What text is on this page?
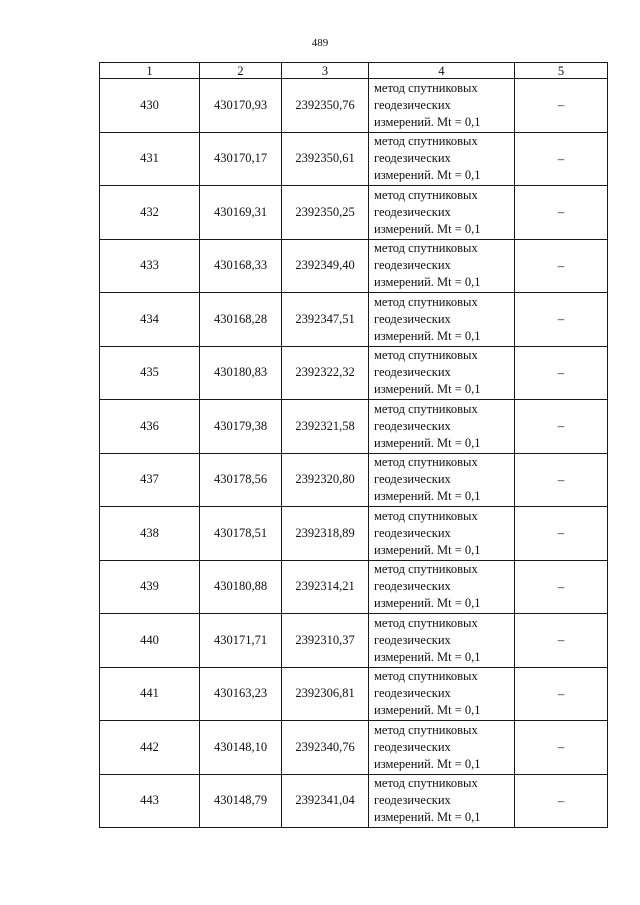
489
1	2	3	4	5
430	430170,93	2392350,76	метод спутниковых
геодезических
измерений. Mt = 0,1	–
431	430170,17	2392350,61	метод спутниковых
геодезических
измерений. Mt = 0,1	–
432	430169,31	2392350,25	метод спутниковых
геодезических
измерений. Mt = 0,1	–
433	430168,33	2392349,40	метод спутниковых
геодезических
измерений. Mt = 0,1	–
434	430168,28	2392347,51	метод спутниковых
геодезических
измерений. Mt = 0,1	–
435	430180,83	2392322,32	метод спутниковых
геодезических
измерений. Mt = 0,1	–
436	430179,38	2392321,58	метод спутниковых
геодезических
измерений. Mt = 0,1	–
437	430178,56	2392320,80	метод спутниковых
геодезических
измерений. Mt = 0,1	–
438	430178,51	2392318,89	метод спутниковых
геодезических
измерений. Mt = 0,1	–
439	430180,88	2392314,21	метод спутниковых
геодезических
измерений. Mt = 0,1	–
440	430171,71	2392310,37	метод спутниковых
геодезических
измерений. Mt = 0,1	–
441	430163,23	2392306,81	метод спутниковых
геодезических
измерений. Mt = 0,1	–
442	430148,10	2392340,76	метод спутниковых
геодезических
измерений. Mt = 0,1	–
443	430148,79	2392341,04	метод спутниковых
геодезических
измерений. Mt = 0,1	–
